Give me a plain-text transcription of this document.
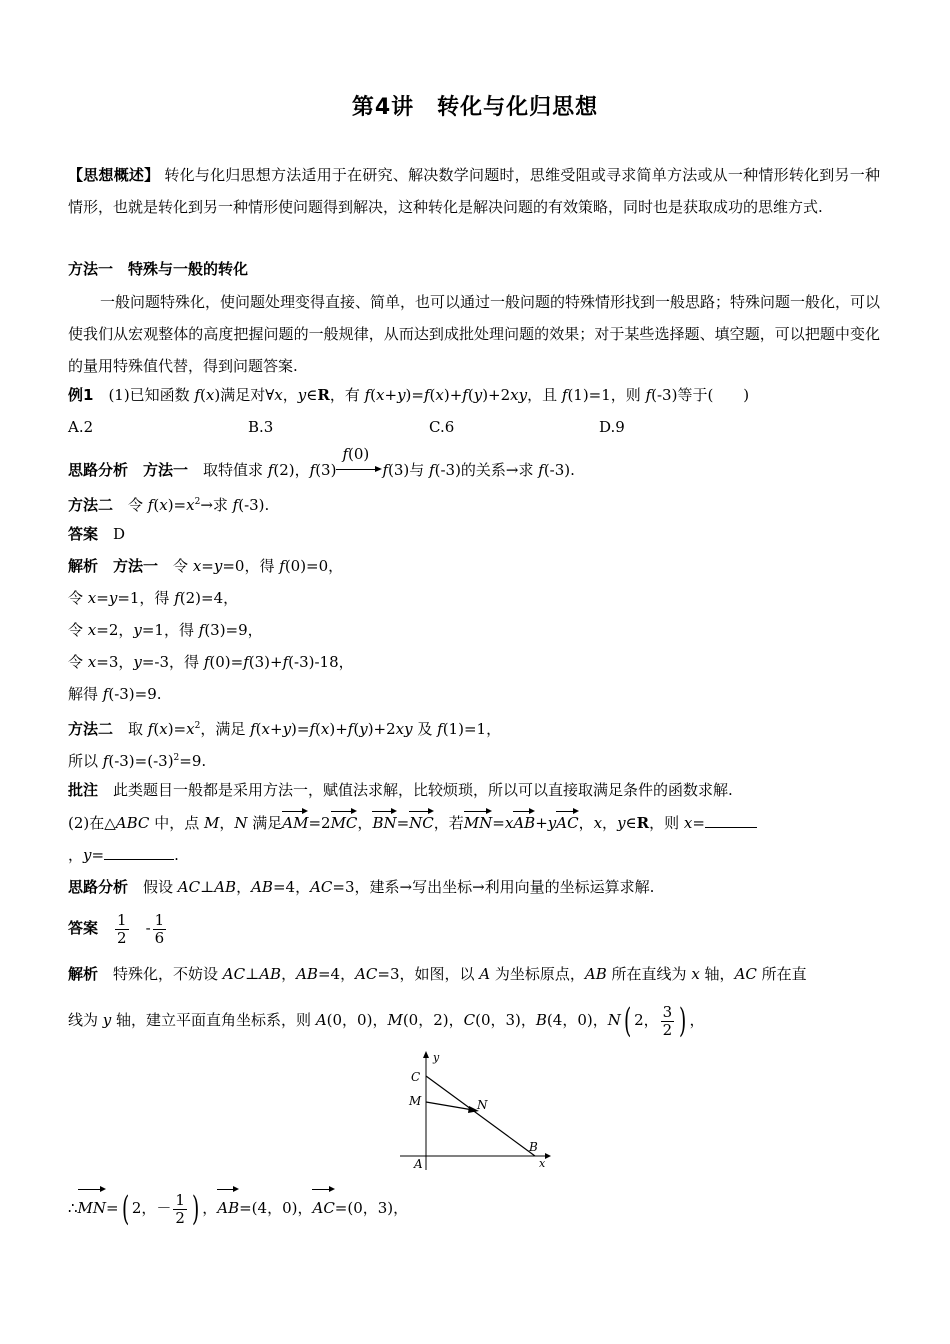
第4讲　转化与化归思想
【思想概述】 转化与化归思想方法适用于在研究、解决数学问题时，思维受阻或寻求简单方法或从一种情形转化到另一种情形，也就是转化到另一种情形使问题得到解决，这种转化是解决问题的有效策略，同时也是获取成功的思维方式.
方法一　特殊与一般的转化
一般问题特殊化，使问题处理变得直接、简单，也可以通过一般问题的特殊情形找到一般思路；特殊问题一般化，可以使我们从宏观整体的高度把握问题的一般规律，从而达到成批处理问题的效果；对于某些选择题、填空题，可以把题中变化的量用特殊值代替，得到问题答案.
例1　(1)已知函数 f(x)满足对∀x，y∈R，有 f(x+y)=f(x)+f(y)+2xy，且 f(1)=1，则 f(-3)等于(　　)
A.2	B.3	C.6	D.9
思路分析　 方法一　取特值求 f(2)，f(3)
f(0)
f(3)与 f(-3)的关系→求 f(-3).
方法二　令 $f(x)=x^2\to$求 f(-3).
答案　 D
解析　 方法一　令 x=y=0，得 f(0)=0，
令 x=y=1，得 f(2)=4，
令 x=2，y=1，得 f(3)=9，
令 x=3，y=-3，得 f(0)=f(3)+f(-3)-18，
解得 f(-3)=9.
方法二　取 $f(x)=x^2$，满足 f(x+y)=f(x)+f(y)+2xy 及 f(1)=1，
所以 $f(-3)=(-3)^2=9$.
批注　 此类题目一般都是采用方法一，赋值法求解，比较烦琐，所以可以直接取满足条件的函数求解.
(2)在△ABC 中，点 M，N 满足AM=2MC，BN=NC，若MN=xAB+yAC，x，y∈R，则 x=
，y=	.
思路分析　假设 AC⊥AB，AB=4，AC=3，建系→写出坐标→利用向量的坐标运算求解.
答案　 $\frac{1}{2}$ 　- $\frac{1}{6}$
解析　特殊化，不妨设 AC⊥AB，AB=4，AC=3，如图，以 A 为坐标原点，AB 所在直线为 x 轴，AC 所在直
线为 y 轴，建立平面直角坐标系，则 A(0，0)，M(0，2)，C(0，3)，B(4，0)，N( 2， $\frac{3}{2}$ ) ，
y
x
C
M	N
B
A
∴MN=( 2，－ $\frac{1}{2}$ ) ，AB=(4，0)，AC=(0，3)，
